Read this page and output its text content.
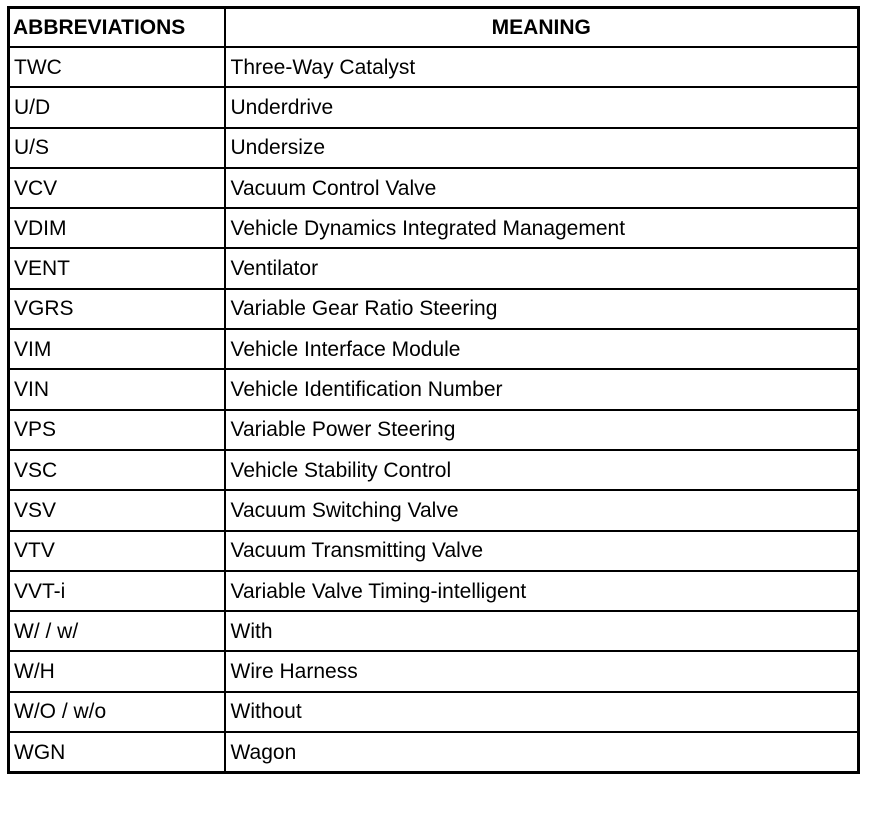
ABBREVIATIONS	MEANING
TWC	Three-Way Catalyst
U/D	Underdrive
U/S	Undersize
VCV	Vacuum Control Valve
VDIM	Vehicle Dynamics Integrated Management
VENT	Ventilator
VGRS	Variable Gear Ratio Steering
VIM	Vehicle Interface Module
VIN	Vehicle Identification Number
VPS	Variable Power Steering
VSC	Vehicle Stability Control
VSV	Vacuum Switching Valve
VTV	Vacuum Transmitting Valve
VVT-i	Variable Valve Timing-intelligent
W/ / w/	With
W/H	Wire Harness
W/O / w/o	Without
WGN	Wagon
